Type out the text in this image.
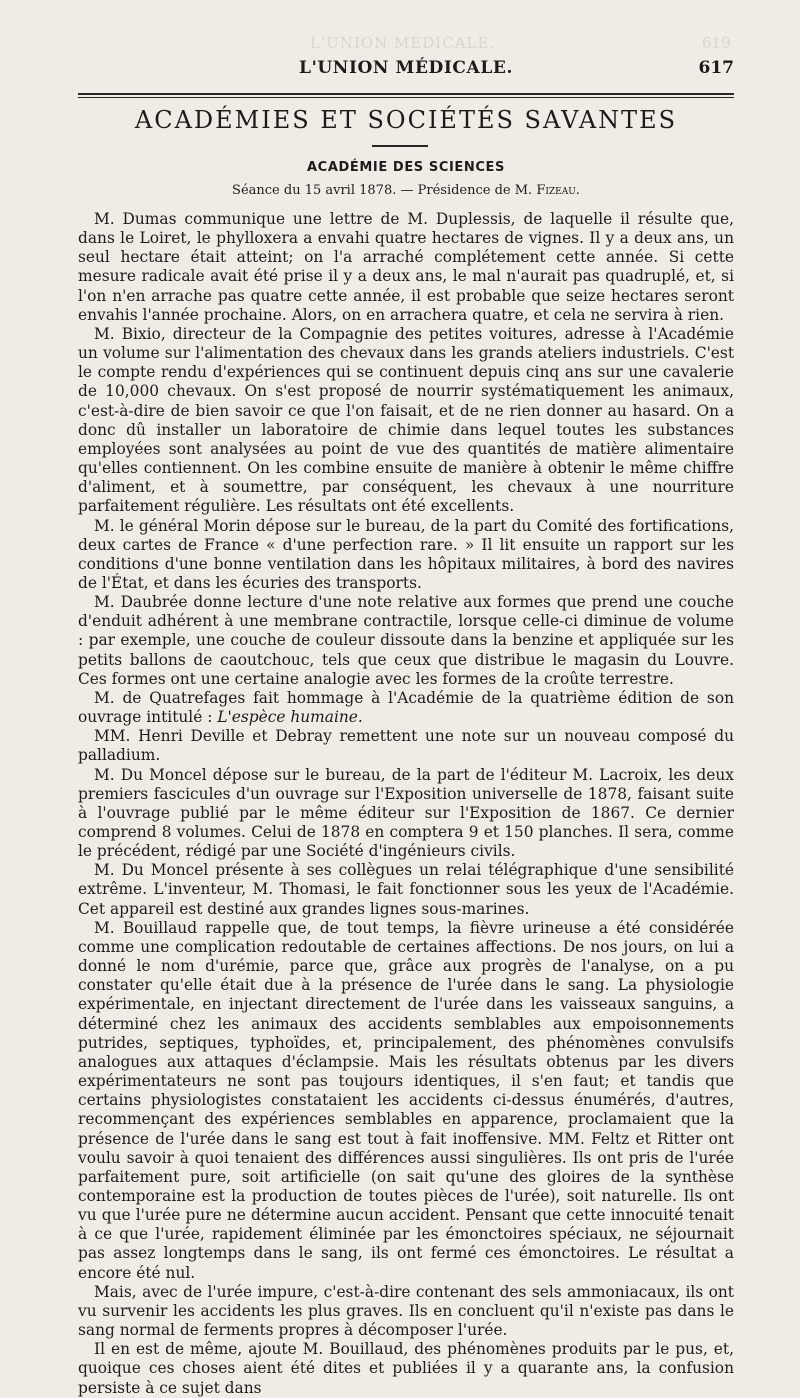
L'UNION MÉDICALE.	619
L'UNION MÉDICALE.	617
ACADÉMIES ET SOCIÉTÉS SAVANTES
ACADÉMIE DES SCIENCES
Séance du 15 avril 1878. — Présidence de M. Fizeau.

M. Dumas communique une lettre de M. Duplessis, de laquelle il résulte que, dans le Loiret, le phylloxera a envahi quatre hectares de vignes. Il y a deux ans, un seul hectare était atteint; on l'a arraché complétement cette année. Si cette mesure radicale avait été prise il y a deux ans, le mal n'aurait pas quadruplé, et, si l'on n'en arrache pas quatre cette année, il est probable que seize hectares seront envahis l'année prochaine. Alors, on en arrachera quatre, et cela ne servira à rien.

M. Bixio, directeur de la Compagnie des petites voitures, adresse à l'Académie un volume sur l'alimentation des chevaux dans les grands ateliers industriels. C'est le compte rendu d'expériences qui se continuent depuis cinq ans sur une cavalerie de 10,000 chevaux. On s'est proposé de nourrir systématiquement les animaux, c'est-à-dire de bien savoir ce que l'on faisait, et de ne rien donner au hasard. On a donc dû installer un laboratoire de chimie dans lequel toutes les substances employées sont analysées au point de vue des quantités de matière alimentaire qu'elles contiennent. On les combine ensuite de manière à obtenir le même chiffre d'aliment, et à soumettre, par conséquent, les chevaux à une nourriture parfaitement régulière. Les résultats ont été excellents.

M. le général Morin dépose sur le bureau, de la part du Comité des fortifications, deux cartes de France « d'une perfection rare. » Il lit ensuite un rapport sur les conditions d'une bonne ventilation dans les hôpitaux militaires, à bord des navires de l'État, et dans les écuries des transports.

M. Daubrée donne lecture d'une note relative aux formes que prend une couche d'enduit adhérent à une membrane contractile, lorsque celle-ci diminue de volume : par exemple, une couche de couleur dissoute dans la benzine et appliquée sur les petits ballons de caoutchouc, tels que ceux que distribue le magasin du Louvre. Ces formes ont une certaine analogie avec les formes de la croûte terrestre.

M. de Quatrefages fait hommage à l'Académie de la quatrième édition de son ouvrage intitulé : L'espèce humaine.

MM. Henri Deville et Debray remettent une note sur un nouveau composé du palladium.

M. Du Moncel dépose sur le bureau, de la part de l'éditeur M. Lacroix, les deux premiers fascicules d'un ouvrage sur l'Exposition universelle de 1878, faisant suite à l'ouvrage publié par le même éditeur sur l'Exposition de 1867. Ce dernier comprend 8 volumes. Celui de 1878 en comptera 9 et 150 planches. Il sera, comme le précédent, rédigé par une Société d'ingénieurs civils.

M. Du Moncel présente à ses collègues un relai télégraphique d'une sensibilité extrême. L'inventeur, M. Thomasi, le fait fonctionner sous les yeux de l'Académie. Cet appareil est destiné aux grandes lignes sous-marines.

M. Bouillaud rappelle que, de tout temps, la fièvre urineuse a été considérée comme une complication redoutable de certaines affections. De nos jours, on lui a donné le nom d'urémie, parce que, grâce aux progrès de l'analyse, on a pu constater qu'elle était due à la présence de l'urée dans le sang. La physiologie expérimentale, en injectant directement de l'urée dans les vaisseaux sanguins, a déterminé chez les animaux des accidents semblables aux empoisonnements putrides, septiques, typhoïdes, et, principalement, des phénomènes convulsifs analogues aux attaques d'éclampsie. Mais les résultats obtenus par les divers expérimentateurs ne sont pas toujours identiques, il s'en faut; et tandis que certains physiologistes constataient les accidents ci-dessus énumérés, d'autres, recommençant des expériences semblables en apparence, proclamaient que la présence de l'urée dans le sang est tout à fait inoffensive. MM. Feltz et Ritter ont voulu savoir à quoi tenaient des différences aussi singulières. Ils ont pris de l'urée parfaitement pure, soit artificielle (on sait qu'une des gloires de la synthèse contemporaine est la production de toutes pièces de l'urée), soit naturelle. Ils ont vu que l'urée pure ne détermine aucun accident. Pensant que cette innocuité tenait à ce que l'urée, rapidement éliminée par les émonctoires spéciaux, ne séjournait pas assez longtemps dans le sang, ils ont fermé ces émonctoires. Le résultat a encore été nul.

Mais, avec de l'urée impure, c'est-à-dire contenant des sels ammoniacaux, ils ont vu survenir les accidents les plus graves. Ils en concluent qu'il n'existe pas dans le sang normal de ferments propres à décomposer l'urée.

Il en est de même, ajoute M. Bouillaud, des phénomènes produits par le pus, et, quoique ces choses aient été dites et publiées il y a quarante ans, la confusion persiste à ce sujet dans
